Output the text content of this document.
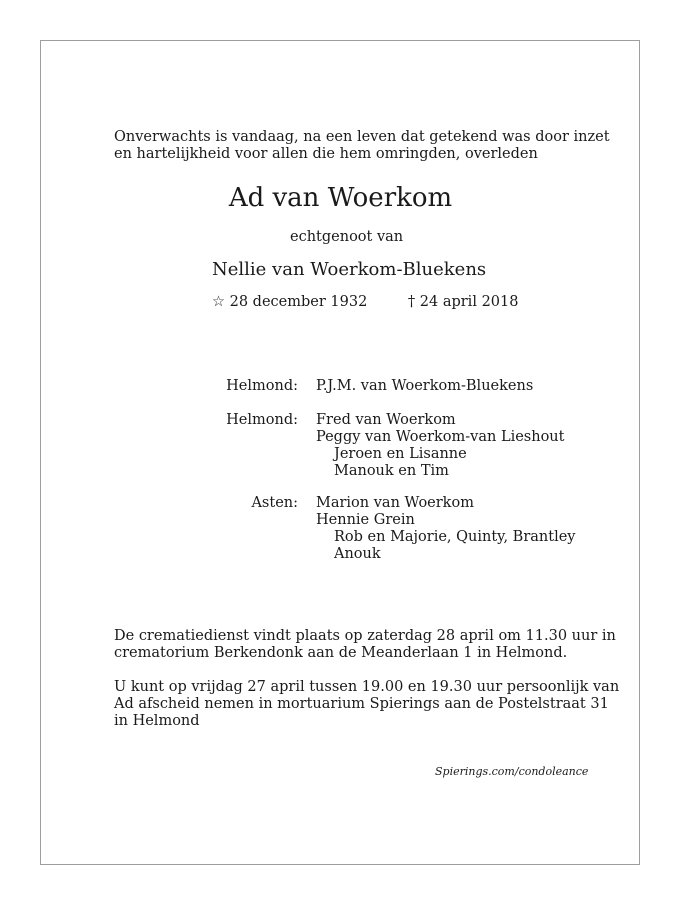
Onverwachts is vandaag, na een leven dat getekend was door inzet
en hartelijkheid voor allen die hem omringden, overleden
Ad van Woerkom
echtgenoot van
Nellie van Woerkom-Bluekens
☆ 28 december 1932	† 24 april 2018
Helmond: P.J.M. van Woerkom-Bluekens
Helmond: Fred van Woerkom
Peggy van Woerkom-van Lieshout
Jeroen en Lisanne
Manouk en Tim
Asten: Marion van Woerkom
Hennie Grein
Rob en Majorie, Quinty, Brantley
Anouk
De crematiedienst vindt plaats op zaterdag 28 april om 11.30 uur in
crematorium Berkendonk aan de Meanderlaan 1 in Helmond.
U kunt op vrijdag 27 april tussen 19.00 en 19.30 uur persoonlijk van
Ad afscheid nemen in mortuarium Spierings aan de Postelstraat 31
in Helmond
Spierings.com/condoleance
